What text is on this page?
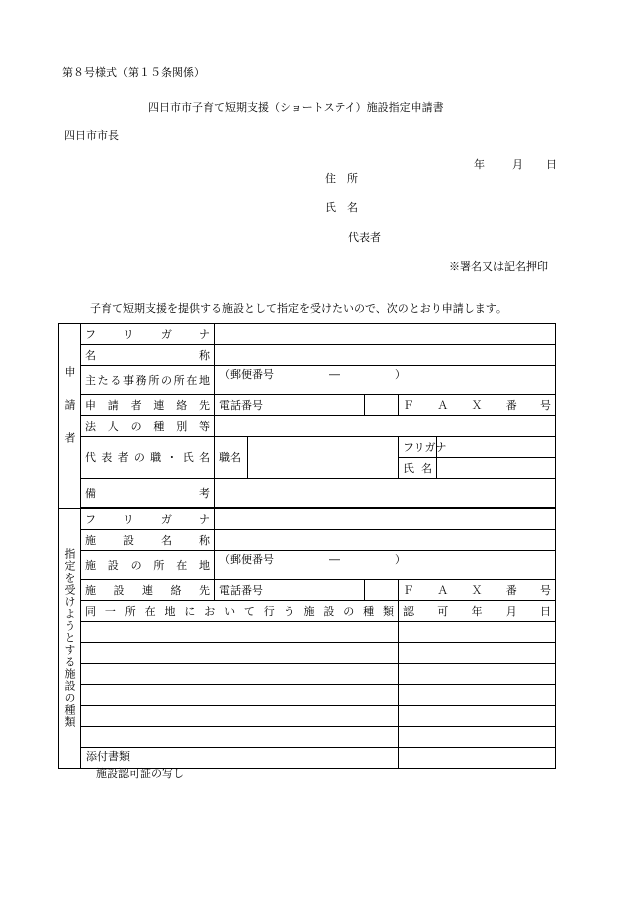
第８号様式（第１５条関係）
四日市市子育て短期支援（ショートステイ）施設指定申請書
四日市市長
年 月 日
住　所
氏　名
代表者
※署名又は記名押印
子育て短期支援を提供する施設として指定を受けたいので、次のとおり申請します。
申請者	フリガナ						
	名称						
	主たる事務所の所在地	（郵便番号　　　　　―　　　　　）					
	申請者連絡先	電話番号			ＦＡＸ番号		
	法人の種別等						
	代表者の職・氏名	職名			フリガナ		
					氏名		
	備考						

指定を受けようとする施設の種類	フリガナ						
	施設名称						
	施設の所在地	（郵便番号　　　　　―　　　　　）					
	施設連絡先	電話番号			ＦＡＸ番号		
	同一所在地において行う施設の種類				認可年月日		

添付書類
施設認可証の写し
